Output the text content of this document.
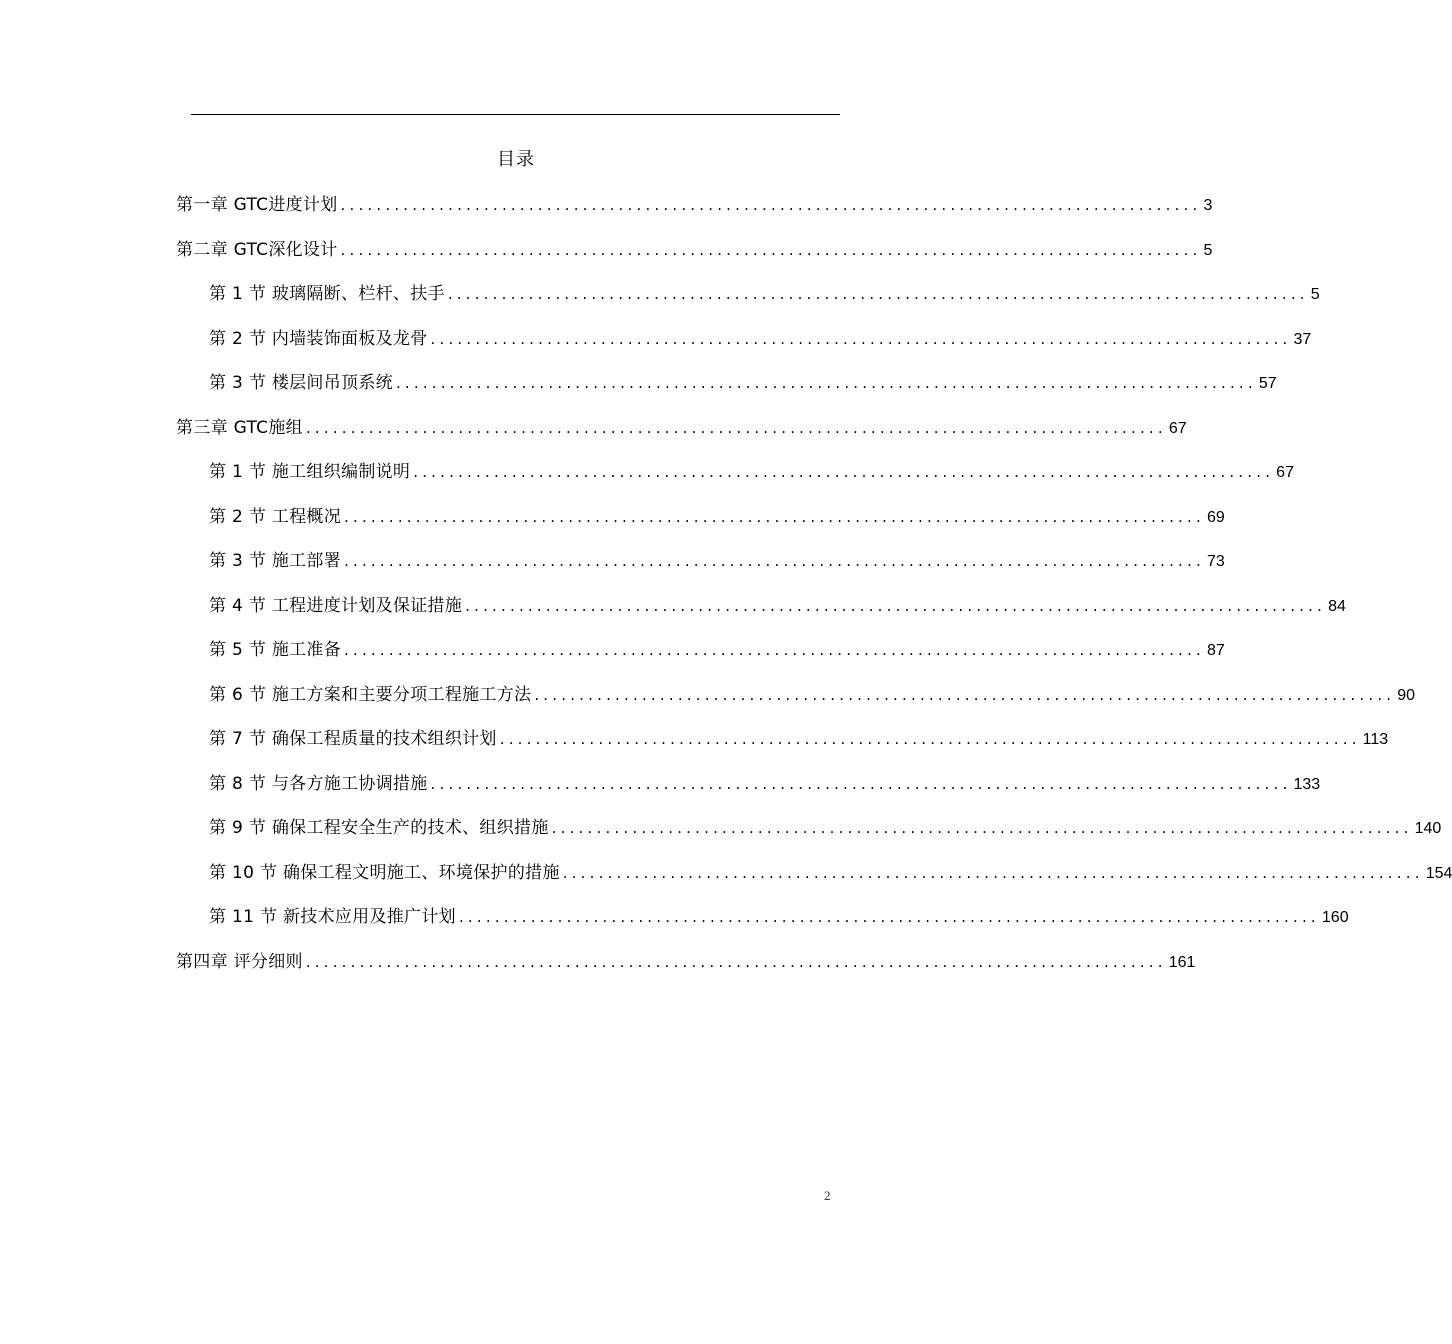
目录
第一章 GTC进度计划 ................................................................................................ 3
第二章 GTC深化设计 ................................................................................................ 5
第 1 节 玻璃隔断、栏杆、扶手 ................................................................................................ 5
第 2 节 内墙装饰面板及龙骨 ................................................................................................ 37
第 3 节 楼层间吊顶系统 ................................................................................................ 57
第三章 GTC施组 ................................................................................................ 67
第 1 节 施工组织编制说明 ................................................................................................ 67
第 2 节 工程概况 ................................................................................................ 69
第 3 节 施工部署 ................................................................................................ 73
第 4 节 工程进度计划及保证措施 ................................................................................................ 84
第 5 节 施工准备 ................................................................................................ 87
第 6 节 施工方案和主要分项工程施工方法 ................................................................................................ 90
第 7 节 确保工程质量的技术组织计划 ................................................................................................ 113
第 8 节 与各方施工协调措施 ................................................................................................ 133
第 9 节 确保工程安全生产的技术、组织措施 ................................................................................................ 140
第 10 节 确保工程文明施工、环境保护的措施 ................................................................................................ 154
第 11 节 新技术应用及推广计划 ................................................................................................ 160
第四章 评分细则 ................................................................................................ 161
2
